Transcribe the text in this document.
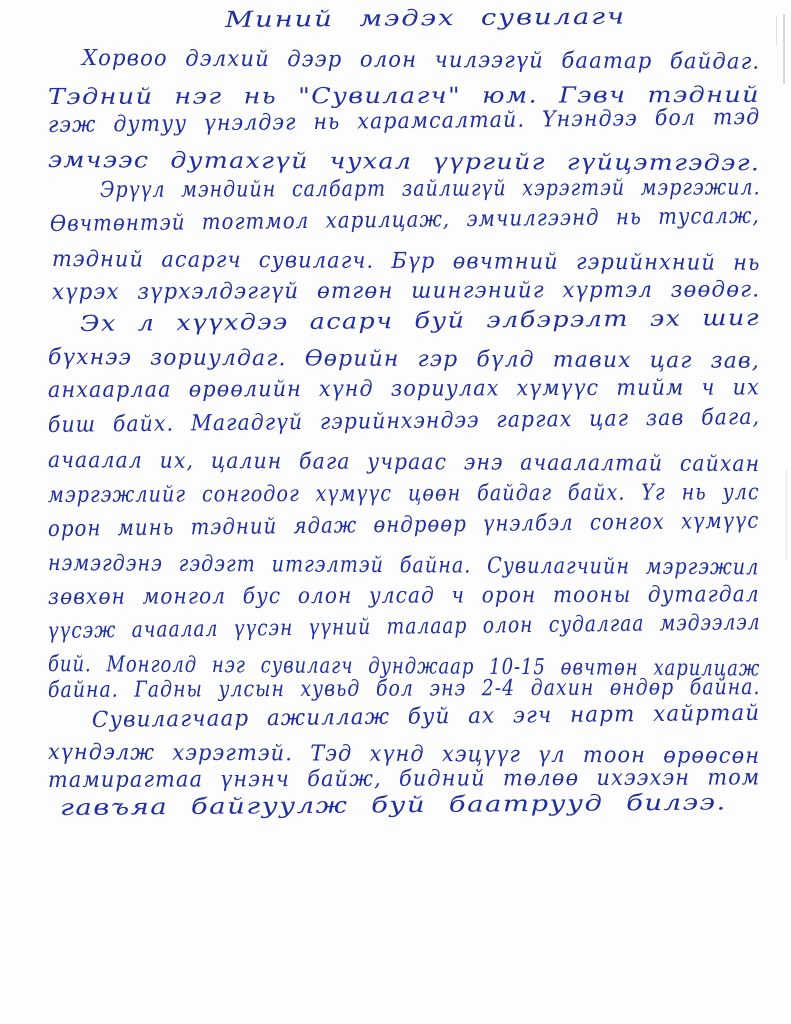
Миний мэдэх сувилагч
Хорвоо дэлхий дээр олон чилээгүй баатар байдаг.
Тэдний нэг нь "Сувилагч" юм. Гэвч тэдний
гэж дутуу үнэлдэг нь харамсалтай. Үнэндээ бол тэд
эмчээс дутахгүй чухал үүргийг гүйцэтгэдэг.
Эрүүл мэндийн салбарт зайлшгүй хэрэгтэй мэргэжил.
Өвчтөнтэй тогтмол харилцаж, эмчилгээнд нь тусалж,
тэдний асаргч сувилагч. Бүр өвчтний гэрийнхний нь
хүрэх зүрхэлдэггүй өтгөн шингэнийг хүртэл зөөдөг.
Эх л хүүхдээ асарч буй элбэрэлт эх шиг
бүхнээ зориулдаг. Өөрийн гэр бүлд тавих цаг зав,
анхаарлаа өрөөлийн хүнд зориулах хүмүүс тийм ч их
биш байх. Магадгүй гэрийнхэндээ гаргах цаг зав бага,
ачаалал их, цалин бага учраас энэ ачаалалтай сайхан
мэргэжлийг сонгодог хүмүүс цөөн байдаг байх. Үг нь улс
орон минь тэдний ядаж өндрөөр үнэлбэл сонгох хүмүүс
нэмэгдэнэ гэдэгт итгэлтэй байна. Сувилагчийн мэргэжил
зөвхөн монгол бус олон улсад ч орон тооны дутагдал
үүсэж ачаалал үүсэн үүний талаар олон судалгаа мэдээлэл
бий. Монголд нэг сувилагч дунджаар 10-15 өвчтөн харилцаж
байна. Гадны улсын хувьд бол энэ 2-4 дахин өндөр байна.
Сувилагчаар ажиллаж буй ах эгч нарт хайртай
хүндэлж хэрэгтэй. Тэд хүнд хэцүүг үл тоон өрөөсөн
тамирагтаа үнэнч байж, бидний төлөө ихээхэн том
гавъяа байгуулж буй баатрууд билээ.
